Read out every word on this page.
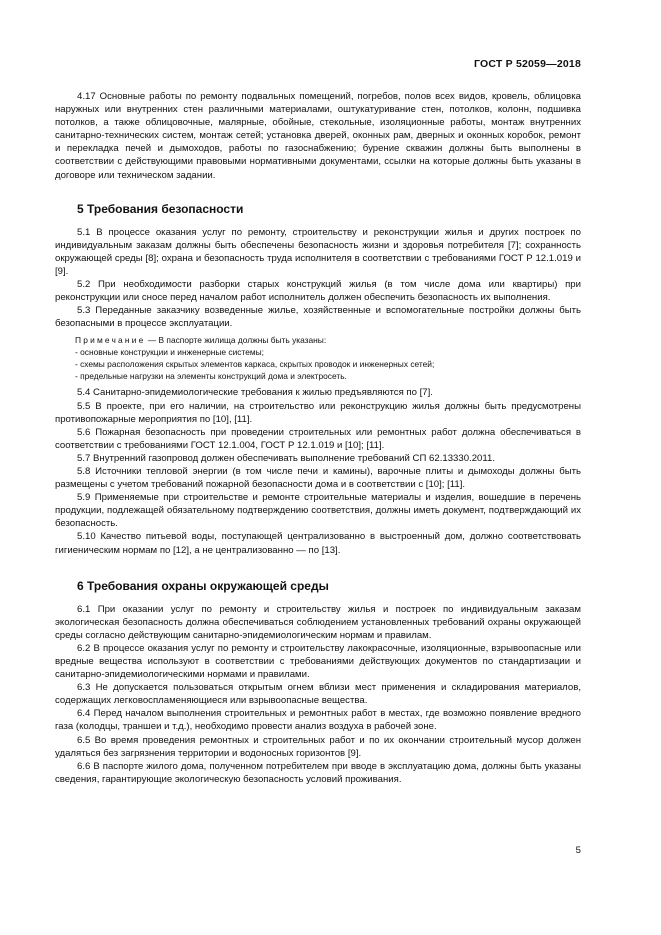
ГОСТ Р 52059—2018

4.17 Основные работы по ремонту подвальных помещений, погребов, полов всех видов, кровель, облицовка наружных или внутренних стен различными материалами, оштукатуривание стен, потолков, колонн, подшивка потолков, а также облицовочные, малярные, обойные, стекольные, изоляционные работы, монтаж внутренних санитарно-технических систем, монтаж сетей; установка дверей, оконных рам, дверных и оконных коробок, ремонт и перекладка печей и дымоходов, работы по газоснабжению; бурение скважин должны быть выполнены в соответствии с действующими правовыми нормативными документами, ссылки на которые должны быть указаны в договоре или техническом задании.

5 Требования безопасности

5.1 В процессе оказания услуг по ремонту, строительству и реконструкции жилья и других построек по индивидуальным заказам должны быть обеспечены безопасность жизни и здоровья потребителя [7]; сохранность окружающей среды [8]; охрана и безопасность труда исполнителя в соответствии с требованиями ГОСТ Р 12.1.019 и [9].

5.2 При необходимости разборки старых конструкций жилья (в том числе дома или квартиры) при реконструкции или сносе перед началом работ исполнитель должен обеспечить безопасность их выполнения.

5.3 Переданные заказчику возведенные жилье, хозяйственные и вспомогательные постройки должны быть безопасными в процессе эксплуатации.

Примечание — В паспорте жилища должны быть указаны:
- основные конструкции и инженерные системы;
- схемы расположения скрытых элементов каркаса, скрытых проводок и инженерных сетей;
- предельные нагрузки на элементы конструкций дома и электросеть.

5.4 Санитарно-эпидемиологические требования к жилью предъявляются по [7].

5.5 В проекте, при его наличии, на строительство или реконструкцию жилья должны быть предусмотрены противопожарные мероприятия по [10], [11].

5.6 Пожарная безопасность при проведении строительных или ремонтных работ должна обеспечиваться в соответствии с требованиями ГОСТ 12.1.004, ГОСТ Р 12.1.019 и [10]; [11].

5.7 Внутренний газопровод должен обеспечивать выполнение требований СП 62.13330.2011.

5.8 Источники тепловой энергии (в том числе печи и камины), варочные плиты и дымоходы должны быть размещены с учетом требований пожарной безопасности дома и в соответствии с [10]; [11].

5.9 Применяемые при строительстве и ремонте строительные материалы и изделия, вошедшие в перечень продукции, подлежащей обязательному подтверждению соответствия, должны иметь документ, подтверждающий их безопасность.

5.10 Качество питьевой воды, поступающей централизованно в выстроенный дом, должно соответствовать гигиеническим нормам по [12], а не централизованно — по [13].

6 Требования охраны окружающей среды

6.1 При оказании услуг по ремонту и строительству жилья и построек по индивидуальным заказам экологическая безопасность должна обеспечиваться соблюдением установленных требований охраны окружающей среды согласно действующим санитарно-эпидемиологическим нормам и правилам.

6.2 В процессе оказания услуг по ремонту и строительству лакокрасочные, изоляционные, взрывоопасные или вредные вещества используют в соответствии с требованиями действующих документов по стандартизации и санитарно-эпидемиологическими нормами и правилами.

6.3 Не допускается пользоваться открытым огнем вблизи мест применения и складирования материалов, содержащих легковоспламеняющиеся или взрывоопасные вещества.

6.4 Перед началом выполнения строительных и ремонтных работ в местах, где возможно появление вредного газа (колодцы, траншеи и т.д.), необходимо провести анализ воздуха в рабочей зоне.

6.5 Во время проведения ремонтных и строительных работ и по их окончании строительный мусор должен удаляться без загрязнения территории и водоносных горизонтов [9].

6.6 В паспорте жилого дома, полученном потребителем при вводе в эксплуатацию дома, должны быть указаны сведения, гарантирующие экологическую безопасность условий проживания.

5
